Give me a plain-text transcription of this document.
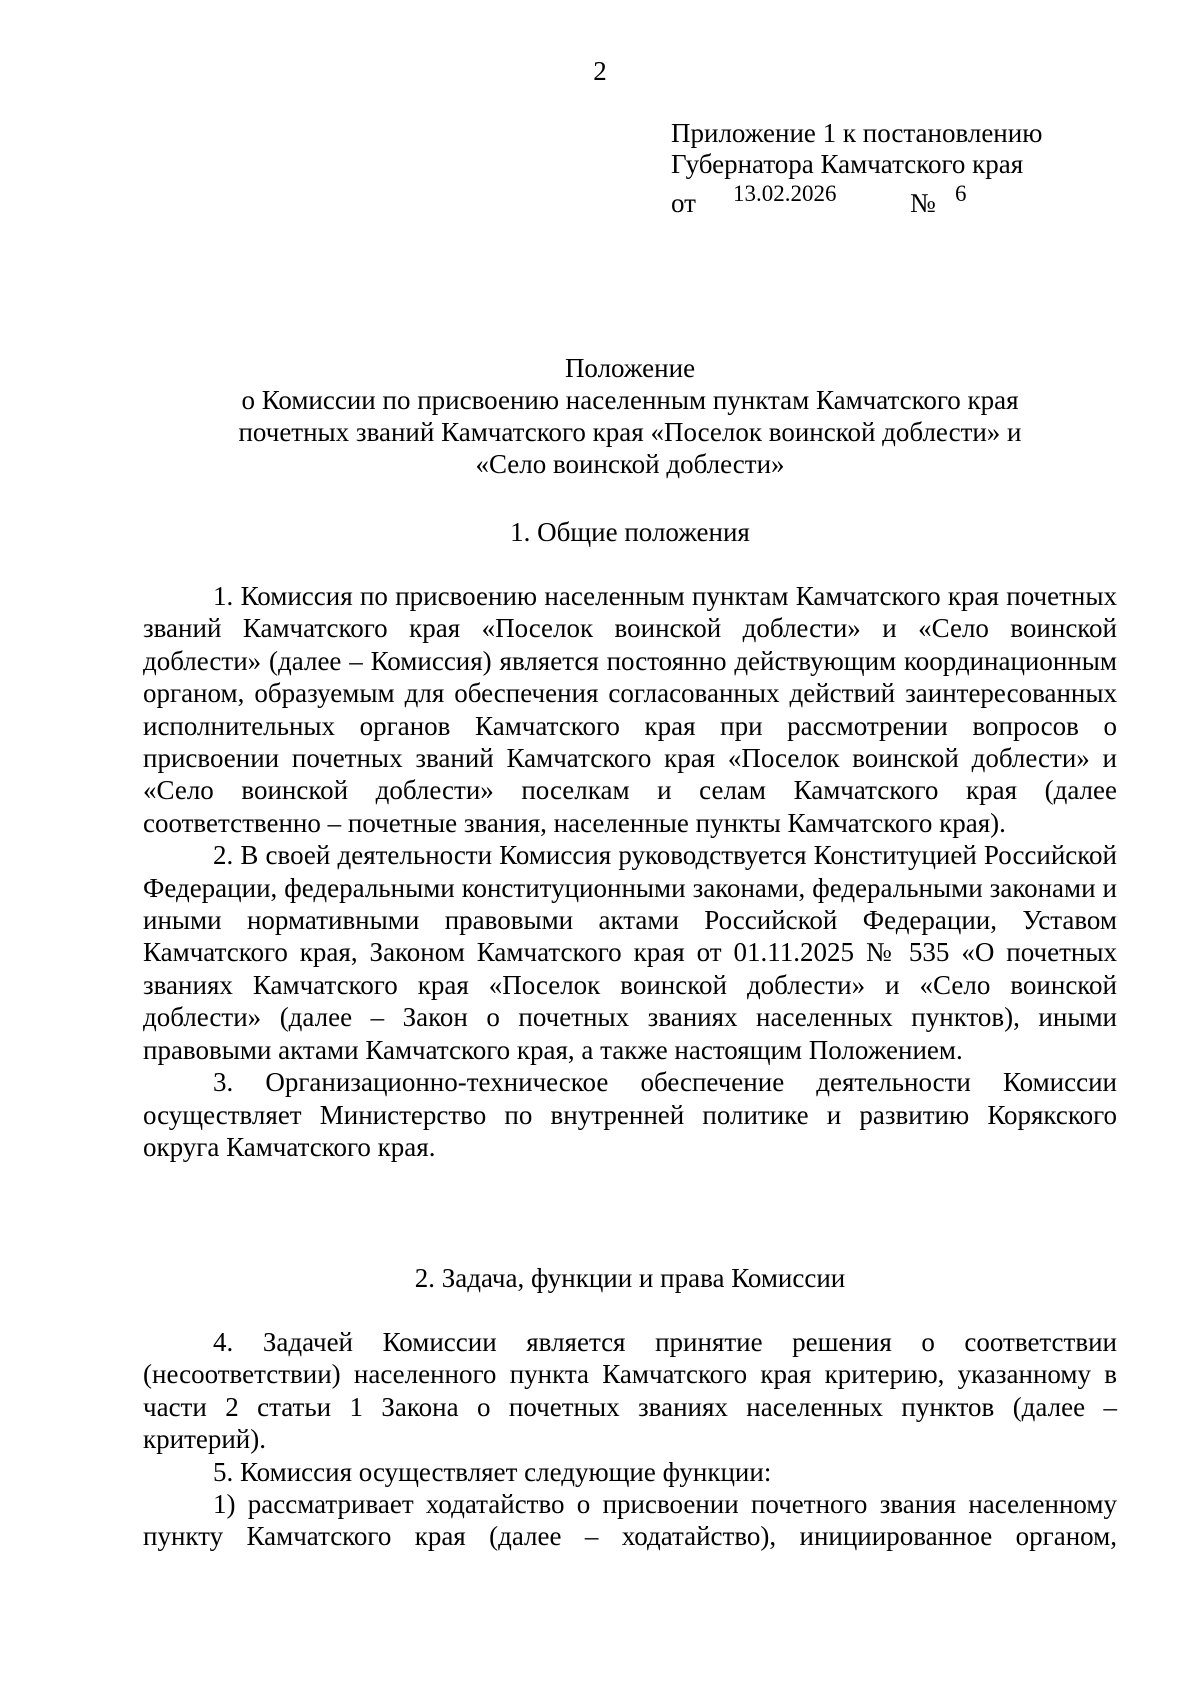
2
Приложение 1 к постановлению
Губернатора Камчатского края
от 13.02.2026	№ 6
Положение
о Комиссии по присвоению населенным пунктам Камчатского края
почетных званий Камчатского края «Поселок воинской доблести» и
«Село воинской доблести»
1. Общие положения

1. Комиссия по присвоению населенным пунктам Камчатского края почетных званий Камчатского края «Поселок воинской доблести» и «Село воинской доблести» (далее – Комиссия) является постоянно действующим координационным органом, образуемым для обеспечения согласованных действий заинтересованных исполнительных органов Камчатского края при рассмотрении вопросов о присвоении почетных званий Камчатского края «Поселок воинской доблести» и «Село воинской доблести» поселкам и селам Камчатского края (далее соответственно – почетные звания, населенные пункты Камчатского края).

2. В своей деятельности Комиссия руководствуется Конституцией Российской Федерации, федеральными конституционными законами, федеральными законами и иными нормативными правовыми актами Российской Федерации, Уставом Камчатского края, Законом Камчатского края от 01.11.2025 № 535 «О почетных званиях Камчатского края «Поселок воинской доблести» и «Село воинской доблести» (далее – Закон о почетных званиях населенных пунктов), иными правовыми актами Камчатского края, а также настоящим Положением.

3. Организационно-техническое обеспечение деятельности Комиссии осуществляет Министерство по внутренней политике и развитию Корякского округа Камчатского края.

2. Задача, функции и права Комиссии

4. Задачей Комиссии является принятие решения о соответствии (несоответствии) населенного пункта Камчатского края критерию, указанному в части 2 статьи 1 Закона о почетных званиях населенных пунктов (далее – критерий).

5. Комиссия осуществляет следующие функции:

1) рассматривает ходатайство о присвоении почетного звания населенному пункту Камчатского края (далее – ходатайство), инициированное органом,
